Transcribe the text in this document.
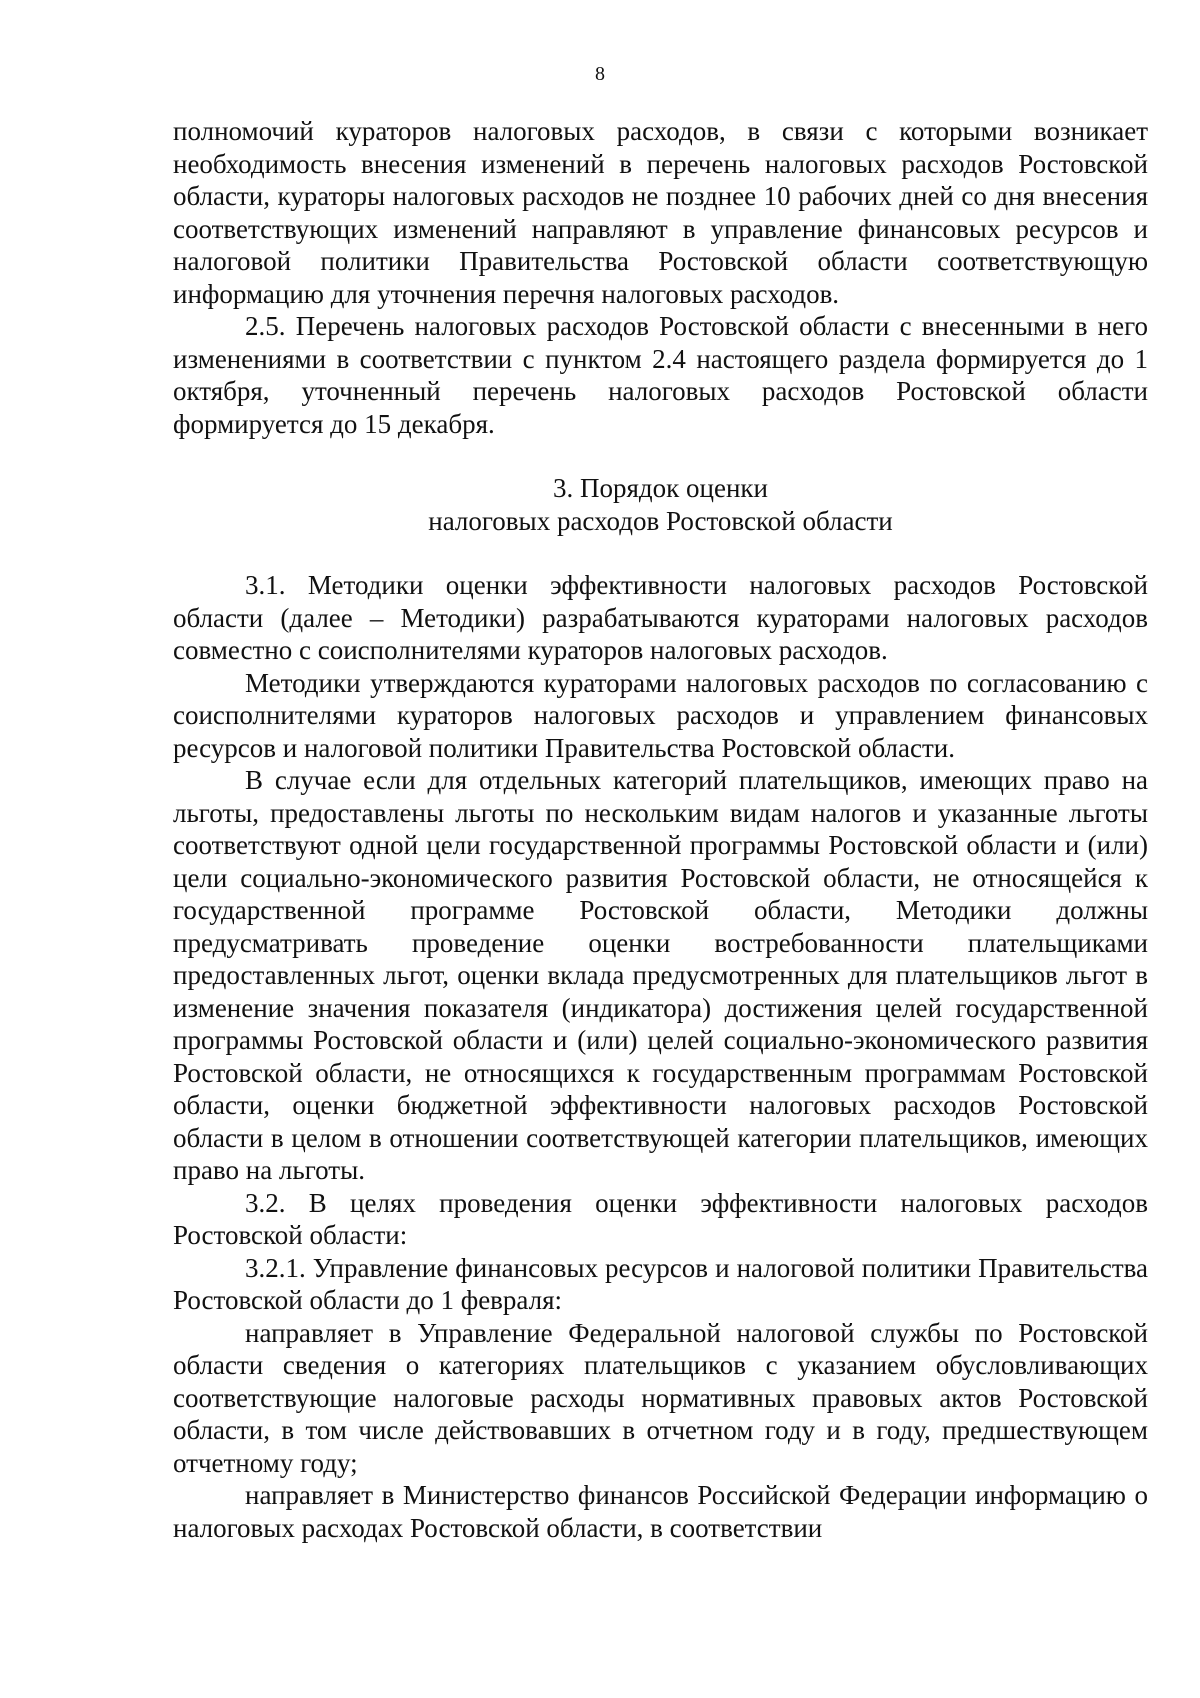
8

полномочий кураторов налоговых расходов, в связи с которыми возникает необходимость внесения изменений в перечень налоговых расходов Ростовской области, кураторы налоговых расходов не позднее 10 рабочих дней со дня внесения соответствующих изменений направляют в управление финансовых ресурсов и налоговой политики Правительства Ростовской области соответствующую информацию для уточнения перечня налоговых расходов.

2.5. Перечень налоговых расходов Ростовской области с внесенными в него изменениями в соответствии с пунктом 2.4 настоящего раздела формируется до 1 октября, уточненный перечень налоговых расходов Ростовской области формируется до 15 декабря.

3. Порядок оценки
налоговых расходов Ростовской области

3.1. Методики оценки эффективности налоговых расходов Ростовской области (далее – Методики) разрабатываются кураторами налоговых расходов совместно с соисполнителями кураторов налоговых расходов.

Методики утверждаются кураторами налоговых расходов по согласованию с соисполнителями кураторов налоговых расходов и управлением финансовых ресурсов и налоговой политики Правительства Ростовской области.

В случае если для отдельных категорий плательщиков, имеющих право на льготы, предоставлены льготы по нескольким видам налогов и указанные льготы соответствуют одной цели государственной программы Ростовской области и (или) цели социально-экономического развития Ростовской области, не относящейся к государственной программе Ростовской области, Методики должны предусматривать проведение оценки востребованности плательщиками предоставленных льгот, оценки вклада предусмотренных для плательщиков льгот в изменение значения показателя (индикатора) достижения целей государственной программы Ростовской области и (или) целей социально-экономического развития Ростовской области, не относящихся к государственным программам Ростовской области, оценки бюджетной эффективности налоговых расходов Ростовской области в целом в отношении соответствующей категории плательщиков, имеющих право на льготы.

3.2. В целях проведения оценки эффективности налоговых расходов Ростовской области:

3.2.1. Управление финансовых ресурсов и налоговой политики Правительства Ростовской области до 1 февраля:

направляет в Управление Федеральной налоговой службы по Ростовской области сведения о категориях плательщиков с указанием обусловливающих соответствующие налоговые расходы нормативных правовых актов Ростовской области, в том числе действовавших в отчетном году и в году, предшествующем отчетному году;

направляет в Министерство финансов Российской Федерации информацию о налоговых расходах Ростовской области, в соответствии
